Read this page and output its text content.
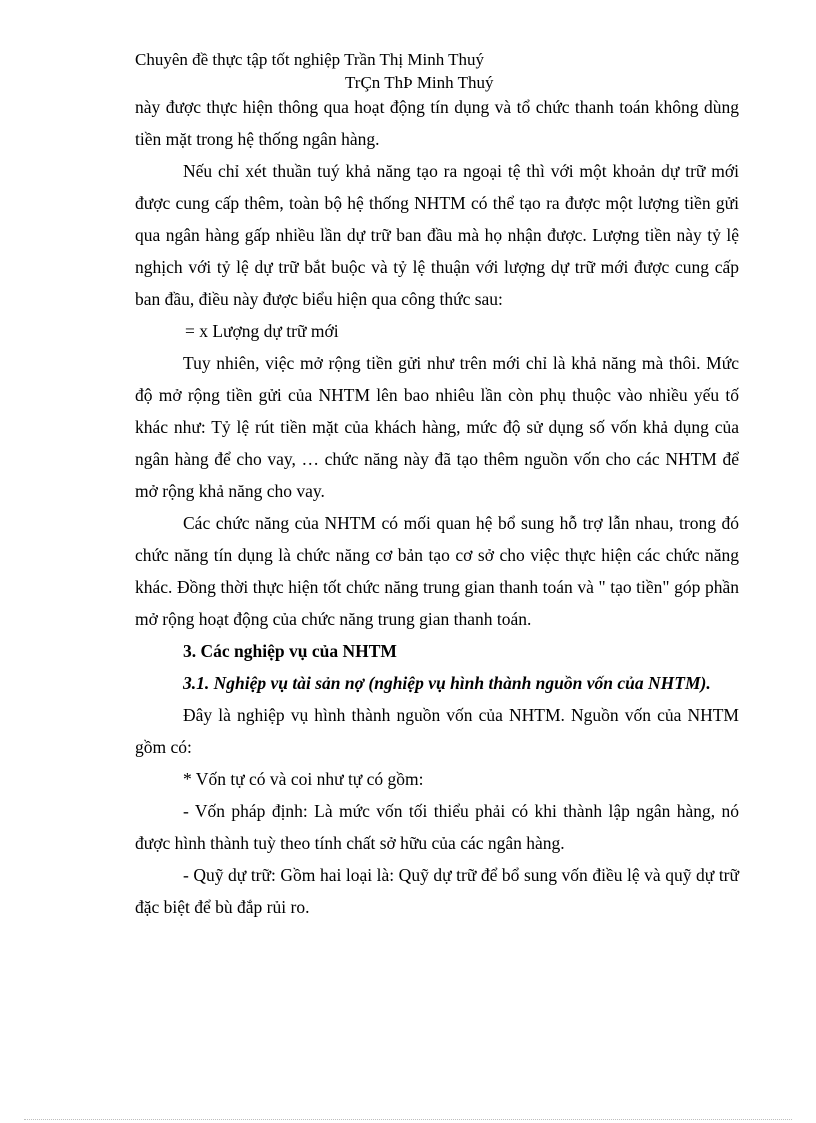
Chuyên đề thực tập tốt nghiệp Trần Thị Minh Thuý
TrÇn ThÞ Minh Thuý

này được thực hiện thông qua hoạt động tín dụng và tổ chức thanh toán không dùng tiền mặt trong hệ thống ngân hàng.

Nếu chỉ xét thuần tuý khả năng tạo ra ngoại tệ thì với một khoản dự trữ mới được cung cấp thêm, toàn bộ hệ thống NHTM có thể tạo ra được một lượng tiền gửi qua ngân hàng gấp nhiều lần dự trữ ban đầu mà họ nhận được. Lượng tiền này tỷ lệ nghịch với tỷ lệ dự trữ bắt buộc và tỷ lệ thuận với lượng dự trữ mới được cung cấp ban đầu, điều này được biểu hiện qua công thức sau:

= x Lượng dự trữ mới

Tuy nhiên, việc mở rộng tiền gửi như trên mới chỉ là khả năng mà thôi. Mức độ mở rộng tiền gửi của NHTM lên bao nhiêu lần còn phụ thuộc vào nhiều yếu tố khác như: Tỷ lệ rút tiền mặt của khách hàng, mức độ sử dụng số vốn khả dụng của ngân hàng để cho vay, … chức năng này đã tạo thêm nguồn vốn cho các NHTM để mở rộng khả năng cho vay.

Các chức năng của NHTM có mối quan hệ bổ sung hỗ trợ lẫn nhau, trong đó chức năng tín dụng là chức năng cơ bản tạo cơ sở cho việc thực hiện các chức năng khác. Đồng thời thực hiện tốt chức năng trung gian thanh toán và " tạo tiền" góp phần mở rộng hoạt động của chức năng trung gian thanh toán.

3. Các nghiệp vụ của NHTM

3.1. Nghiệp vụ tài sản nợ (nghiệp vụ hình thành nguồn vốn của NHTM).

Đây là nghiệp vụ hình thành nguồn vốn của NHTM. Nguồn vốn của NHTM gồm có:

* Vốn tự có và coi như tự có gồm:

- Vốn pháp định: Là mức vốn tối thiểu phải có khi thành lập ngân hàng, nó được hình thành tuỳ theo tính chất sở hữu của các ngân hàng.

- Quỹ dự trữ: Gồm hai loại là: Quỹ dự trữ để bổ sung vốn điều lệ và quỹ dự trữ đặc biệt để bù đắp rủi ro.
